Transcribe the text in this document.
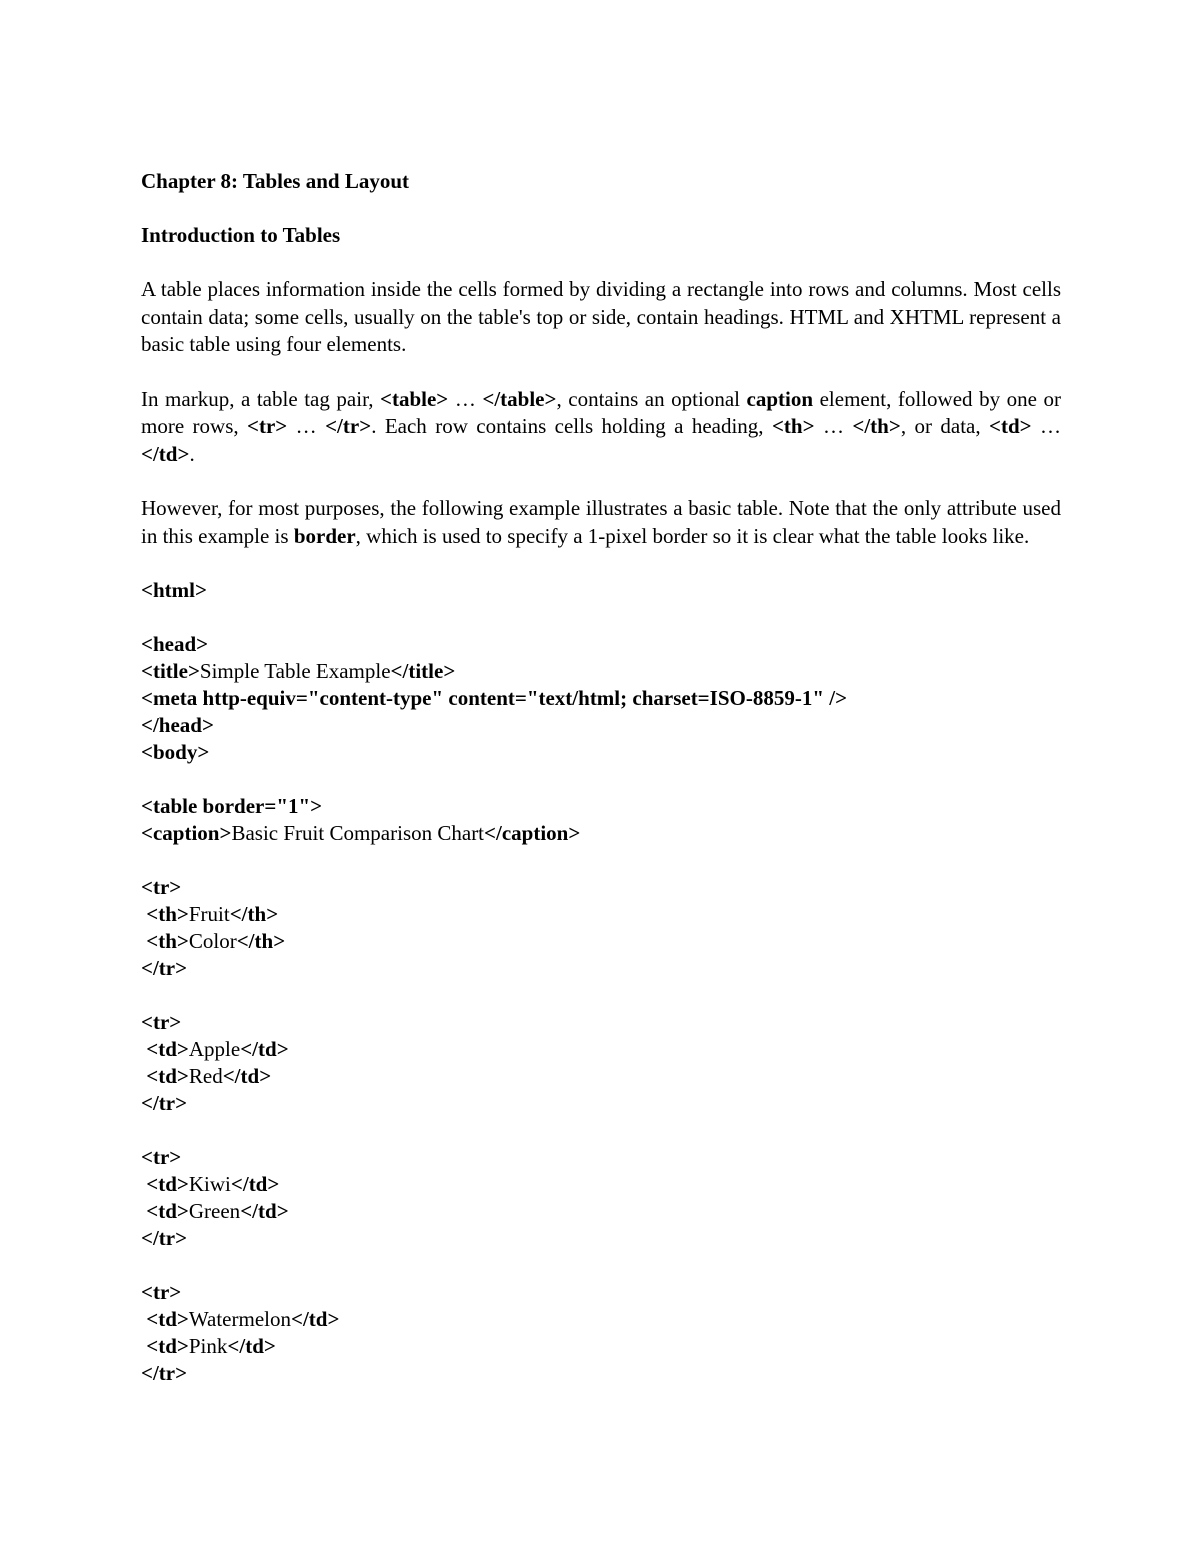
Chapter 8: Tables and Layout
Introduction to Tables
A table places information inside the cells formed by dividing a rectangle into rows and columns. Most cells contain data; some cells, usually on the table's top or side, contain headings. HTML and XHTML represent a basic table using four elements.
In markup, a table tag pair, <table> … </table>, contains an optional caption element, followed by one or more rows, <tr> … </tr>. Each row contains cells holding a heading, <th> … </th>, or data, <td> … </td>.
However, for most purposes, the following example illustrates a basic table. Note that the only attribute used in this example is border, which is used to specify a 1-pixel border so it is clear what the table looks like.
<html>
<head>
<title>Simple Table Example</title>
<meta http-equiv="content-type" content="text/html; charset=ISO-8859-1" />
</head>
<body>
<table border="1">
<caption>Basic Fruit Comparison Chart</caption>
<tr>
<th>Fruit</th>
<th>Color</th>
</tr>
<tr>
<td>Apple</td>
<td>Red</td>
</tr>
<tr>
<td>Kiwi</td>
<td>Green</td>
</tr>
<tr>
<td>Watermelon</td>
<td>Pink</td>
</tr>
